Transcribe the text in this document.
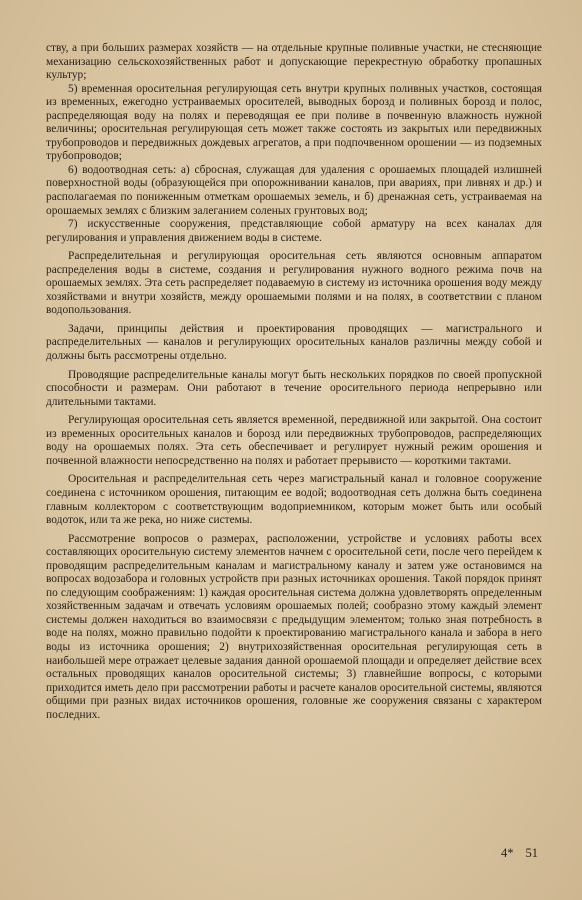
ству, а при больших размерах хозяйств — на отдельные крупные поливные участки, не стесняющие механизацию сельскохозяйственных работ и допускающие перекрестную обработку пропашных культур;

5) временная оросительная регулирующая сеть внутри крупных поливных участков, состоящая из временных, ежегодно устраиваемых оросителей, выводных борозд и поливных борозд и полос, распределяющая воду на полях и переводящая ее при поливе в почвенную влажность нужной величины; оросительная регулирующая сеть может также состоять из закрытых или передвижных трубопроводов и передвижных дождевых агрегатов, а при подпочвенном орошении — из подземных трубопроводов;

6) водоотводная сеть: а) сбросная, служащая для удаления с орошаемых площадей излишней поверхностной воды (образующейся при опорожнивании каналов, при авариях, при ливнях и др.) и располагаемая по пониженным отметкам орошаемых земель, и б) дренажная сеть, устраиваемая на орошаемых землях с близким залеганием соленых грунтовых вод;

7) искусственные сооружения, представляющие собой арматуру на всех каналах для регулирования и управления движением воды в системе.

Распределительная и регулирующая оросительная сеть являются основным аппаратом распределения воды в системе, создания и регулирования нужного водного режима почв на орошаемых землях. Эта сеть распределяет подаваемую в систему из источника орошения воду между хозяйствами и внутри хозяйств, между орошаемыми полями и на полях, в соответствии с планом водопользования.

Задачи, принципы действия и проектирования проводящих — магистрального и распределительных — каналов и регулирующих оросительных каналов различны между собой и должны быть рассмотрены отдельно.

Проводящие распределительные каналы могут быть нескольких порядков по своей пропускной способности и размерам. Они работают в течение оросительного периода непрерывно или длительными тактами.

Регулирующая оросительная сеть является временной, передвижной или закрытой. Она состоит из временных оросительных каналов и борозд или передвижных трубопроводов, распределяющих воду на орошаемых полях. Эта сеть обеспечивает и регулирует нужный режим орошения и почвенной влажности непосредственно на полях и работает прерывисто — короткими тактами.

Оросительная и распределительная сеть через магистральный канал и головное сооружение соединена с источником орошения, питающим ее водой; водоотводная сеть должна быть соединена главным коллектором с соответствующим водоприемником, которым может быть или особый водоток, или та же река, но ниже системы.

Рассмотрение вопросов о размерах, расположении, устройстве и условиях работы всех составляющих оросительную систему элементов начнем с оросительной сети, после чего перейдем к проводящим распределительным каналам и магистральному каналу и затем уже остановимся на вопросах водозабора и головных устройств при разных источниках орошения. Такой порядок принят по следующим соображениям: 1) каждая оросительная система должна удовлетворять определенным хозяйственным задачам и отвечать условиям орошаемых полей; сообразно этому каждый элемент системы должен находиться во взаимосвязи с предыдущим элементом; только зная потребность в воде на полях, можно правильно подойти к проектированию магистрального канала и забора в него воды из источника орошения; 2) внутрихозяйственная оросительная регулирующая сеть в наибольшей мере отражает целевые задания данной орошаемой площади и определяет действие всех остальных проводящих каналов оросительной системы; 3) главнейшие вопросы, с которыми приходится иметь дело при рассмотрении работы и расчете каналов оросительной системы, являются общими при разных видах источников орошения, головные же сооружения связаны с характером последних.

4* 51
